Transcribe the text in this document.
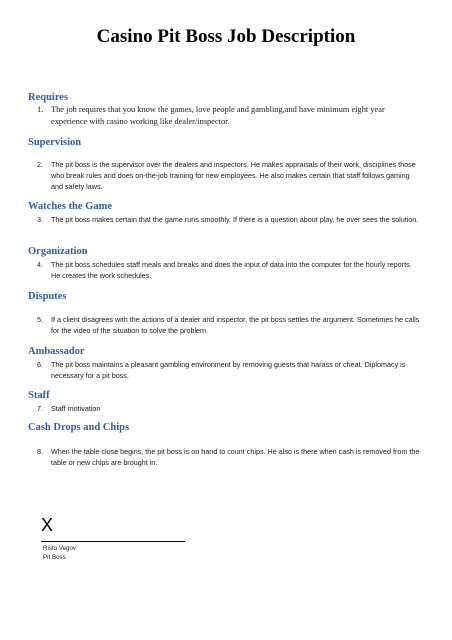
Casino Pit Boss Job Description
Requires
1. The job requires that you know the games, love people and gambling,and have minimum eight year experience with casino working like dealer/inspector.
Supervision
2.	The pit boss is the supervisor over the dealers and inspectors. He makes appraisals of their work, disciplines those who break rules and does on-the-job training for new employees. He also makes certain that staff follows gaming and safety laws.
Watches the Game
3.	The pit boss makes certain that the game runs smoothly. If there is a question about play, he over sees the solution.
Organization
4.	The pit boss schedules staff meals and breaks and does the input of data into the computer for the hourly reports. He creates the work schedules.
Disputes
5.	If a client disagrees with the actions of a dealer and inspector, the pit boss settles the argument. Sometimes he calls for the video of the situation to solve the problem.
Ambassador
6.	The pit boss maintains a pleasant gambling environment by removing guests that harass or cheat. Diplomacy is necessary for a pit boss.
Staff
7.	Staff motivation
Cash Drops and Chips
8.	When the table close begins, the pit boss is on hand to count chips. He also is there when cash is removed from the table or new chips are brought in.
X
Risto Vegov
Pit Boss
